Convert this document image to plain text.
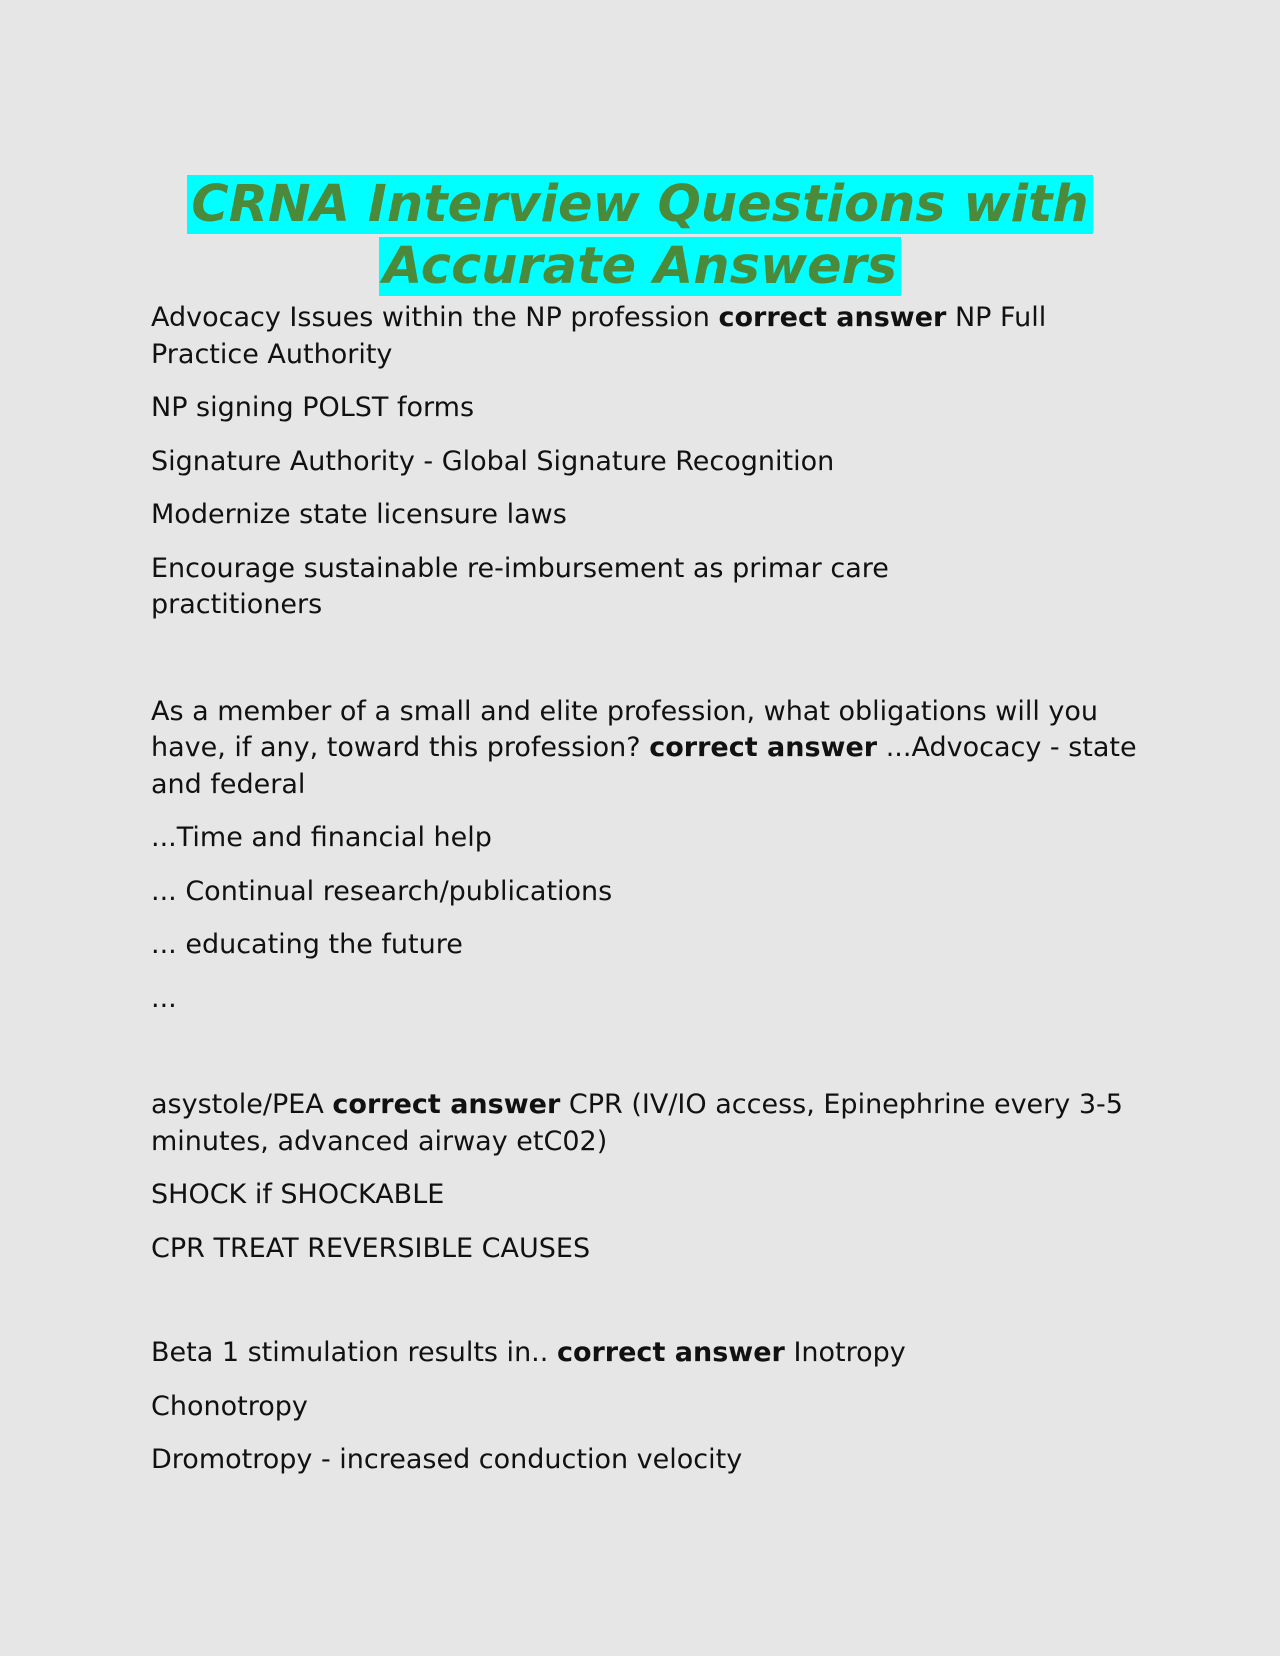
CRNA Interview Questions with
Accurate Answers

Advocacy Issues within the NP profession correct answer NP Full Practice Authority

NP signing POLST forms

Signature Authority - Global Signature Recognition

Modernize state licensure laws

Encourage sustainable re-imbursement as primar care practitioners

As a member of a small and elite profession, what obligations will you have, if any, toward this profession? correct answer ...Advocacy - state and federal

...Time and financial help

... Continual research/publications

... educating the future

...

asystole/PEA correct answer CPR (IV/IO access, Epinephrine every 3-5 minutes, advanced airway etC02)

SHOCK if SHOCKABLE

CPR TREAT REVERSIBLE CAUSES

Beta 1 stimulation results in.. correct answer Inotropy

Chonotropy

Dromotropy - increased conduction velocity
